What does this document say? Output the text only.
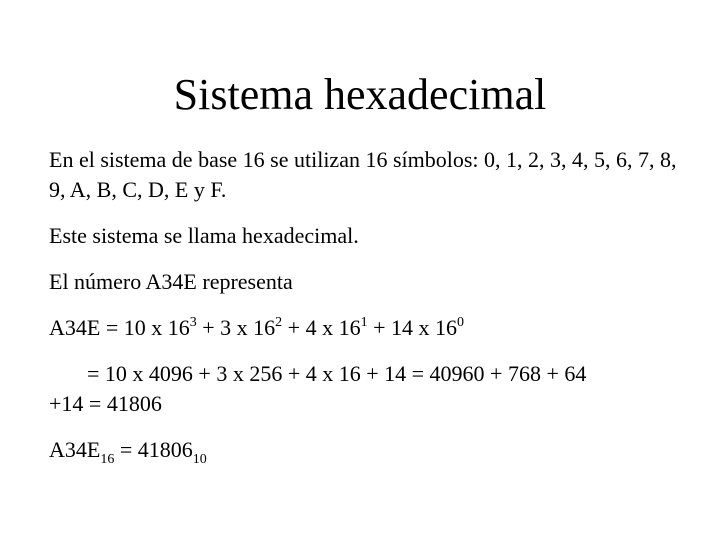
Sistema hexadecimal

En el sistema de base 16 se utilizan 16 símbolos: 0, 1, 2, 3, 4, 5, 6, 7, 8, 9, A, B, C, D, E y F.

Este sistema se llama hexadecimal.

El número A34E representa

A34E = 10 x $16^3 + 3$ x $16^2 + 4$ x $16^1 + 14$ x $16^0$

= 10 x 4096 + 3 x 256 + 4 x 16 + 14 = 40960 + 768 + 64
+14 = 41806

$A34E_{16} = 41806_{10}$
